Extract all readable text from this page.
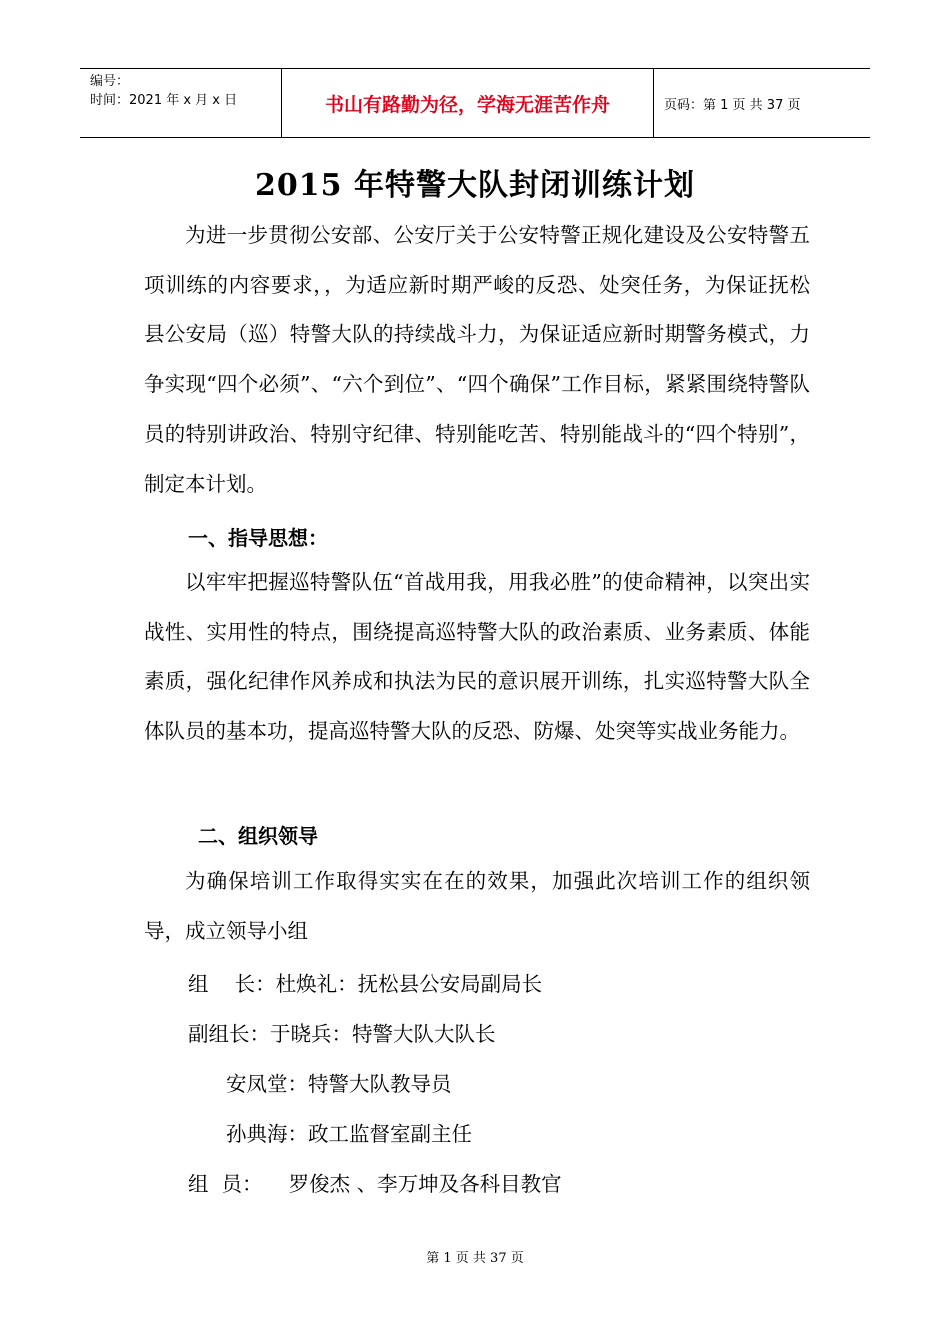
编号：
时间：2021 年 x 月 x 日	书山有路勤为径，学海无涯苦作舟	页码：第 1 页 共 37 页
2015 年特警大队封闭训练计划

为进一步贯彻公安部、公安厅关于公安特警正规化建设及公安特警五项训练的内容要求，，为适应新时期严峻的反恐、处突任务，为保证抚松县公安局（巡）特警大队的持续战斗力，为保证适应新时期警务模式，力争实现“四个必须”、“六个到位”、“四个确保”工作目标，紧紧围绕特警队员的特别讲政治、特别守纪律、特别能吃苦、特别能战斗的“四个特别”，制定本计划。

一、指导思想：

以牢牢把握巡特警队伍“首战用我，用我必胜”的使命精神，以突出实战性、实用性的特点，围绕提高巡特警大队的政治素质、业务素质、体能素质，强化纪律作风养成和执法为民的意识展开训练，扎实巡特警大队全体队员的基本功，提高巡特警大队的反恐、防爆、处突等实战业务能力。

二、组织领导

为确保培训工作取得实实在在的效果，加强此次培训工作的组织领导，成立领导小组

组    长：杜焕礼：抚松县公安局副局长

副组长：于晓兵：特警大队大队长

安凤堂：特警大队教导员

孙典海：政工监督室副主任

组  员：    罗俊杰 、李万坤及各科目教官

第 1 页 共 37 页
